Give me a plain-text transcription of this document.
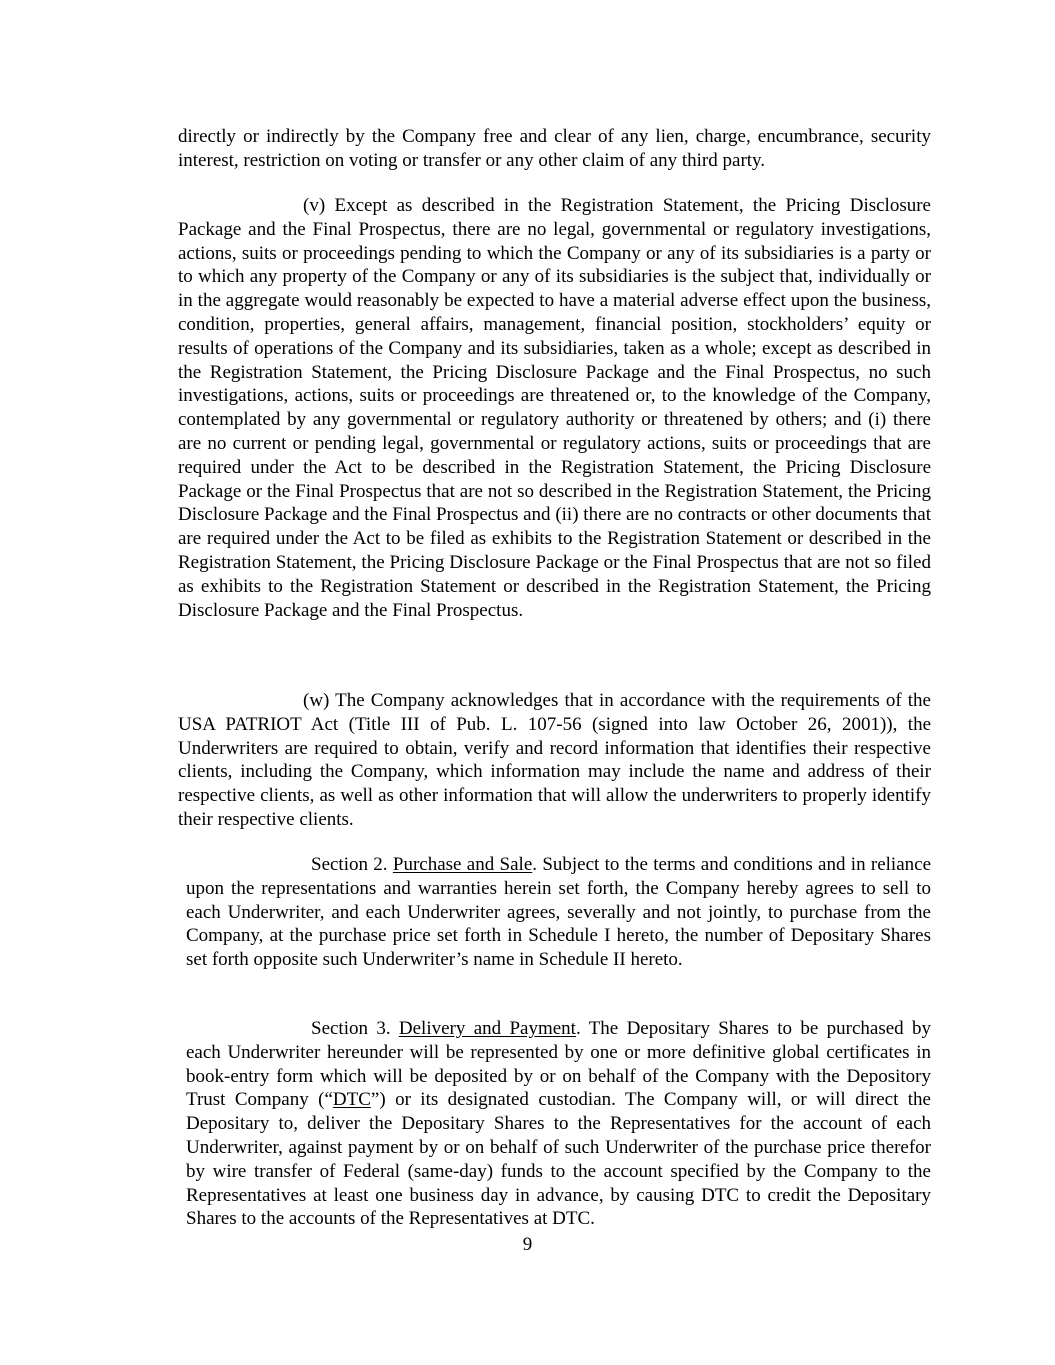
directly or indirectly by the Company free and clear of any lien, charge, encumbrance, security interest, restriction on voting or transfer or any other claim of any third party.

(v) Except as described in the Registration Statement, the Pricing Disclosure Package and the Final Prospectus, there are no legal, governmental or regulatory investigations, actions, suits or proceedings pending to which the Company or any of its subsidiaries is a party or to which any property of the Company or any of its subsidiaries is the subject that, individually or in the aggregate would reasonably be expected to have a material adverse effect upon the business, condition, properties, general affairs, management, financial position, stockholders’ equity or results of operations of the Company and its subsidiaries, taken as a whole; except as described in the Registration Statement, the Pricing Disclosure Package and the Final Prospectus, no such investigations, actions, suits or proceedings are threatened or, to the knowledge of the Company, contemplated by any governmental or regulatory authority or threatened by others; and (i) there are no current or pending legal, governmental or regulatory actions, suits or proceedings that are required under the Act to be described in the Registration Statement, the Pricing Disclosure Package or the Final Prospectus that are not so described in the Registration Statement, the Pricing Disclosure Package and the Final Prospectus and (ii) there are no contracts or other documents that are required under the Act to be filed as exhibits to the Registration Statement or described in the Registration Statement, the Pricing Disclosure Package or the Final Prospectus that are not so filed as exhibits to the Registration Statement or described in the Registration Statement, the Pricing Disclosure Package and the Final Prospectus.

(w) The Company acknowledges that in accordance with the requirements of the USA PATRIOT Act (Title III of Pub. L. 107-56 (signed into law October 26, 2001)), the Underwriters are required to obtain, verify and record information that identifies their respective clients, including the Company, which information may include the name and address of their respective clients, as well as other information that will allow the underwriters to properly identify their respective clients.

Section 2. Purchase and Sale. Subject to the terms and conditions and in reliance upon the representations and warranties herein set forth, the Company hereby agrees to sell to each Underwriter, and each Underwriter agrees, severally and not jointly, to purchase from the Company, at the purchase price set forth in Schedule I hereto, the number of Depositary Shares set forth opposite such Underwriter’s name in Schedule II hereto.

Section 3. Delivery and Payment. The Depositary Shares to be purchased by each Underwriter hereunder will be represented by one or more definitive global certificates in book-entry form which will be deposited by or on behalf of the Company with the Depository Trust Company (“DTC”) or its designated custodian. The Company will, or will direct the Depositary to, deliver the Depositary Shares to the Representatives for the account of each Underwriter, against payment by or on behalf of such Underwriter of the purchase price therefor by wire transfer of Federal (same-day) funds to the account specified by the Company to the Representatives at least one business day in advance, by causing DTC to credit the Depositary Shares to the accounts of the Representatives at DTC.

9
